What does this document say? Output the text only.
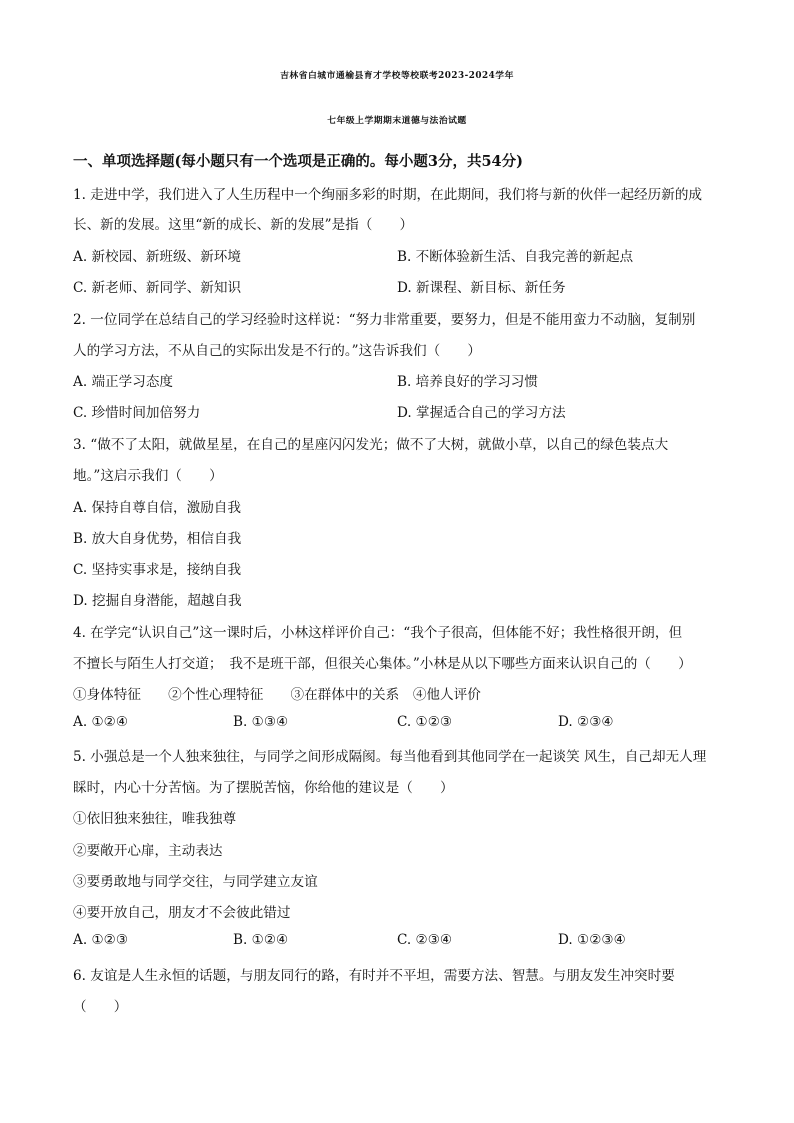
吉林省白城市通榆县育才学校等校联考2023-2024学年
七年级上学期期末道德与法治试题
一、单项选择题(每小题只有一个选项是正确的。每小题3分，共54分)
1. 走进中学，我们进入了人生历程中一个绚丽多彩的时期，在此期间，我们将与新的伙伴一起经历新的成
长、新的发展。这里“新的成长、新的发展”是指（　　）
A. 新校园、新班级、新环境	B. 不断体验新生活、自我完善的新起点
C. 新老师、新同学、新知识	D. 新课程、新目标、新任务
2. 一位同学在总结自己的学习经验时这样说：“努力非常重要，要努力，但是不能用蛮力不动脑，复制别
人的学习方法，不从自己的实际出发是不行的。”这告诉我们（　　）
A. 端正学习态度	B. 培养良好的学习习惯
C. 珍惜时间加倍努力	D. 掌握适合自己的学习方法
3. “做不了太阳，就做星星，在自己的星座闪闪发光；做不了大树，就做小草，以自己的绿色装点大
地。”这启示我们（　　）
A. 保持自尊自信，激励自我
B. 放大自身优势，相信自我
C. 坚持实事求是，接纳自我
D. 挖掘自身潜能，超越自我
4. 在学完“认识自己”这一课时后，小林这样评价自己：“我个子很高，但体能不好；我性格很开朗，但
不擅长与陌生人打交道；　我不是班干部，但很关心集体。”小林是从以下哪些方面来认识自己的（　　）
①身体特征　　②个性心理特征　　③在群体中的关系　④他人评价
A. ①②④	B. ①③④	C. ①②③	D. ②③④
5. 小强总是一个人独来独往，与同学之间形成隔阂。每当他看到其他同学在一起谈笑 风生，自己却无人理
睬时，内心十分苦恼。为了摆脱苦恼，你给他的建议是（　　）
①依旧独来独往，唯我独尊
②要敞开心扉，主动表达
③要勇敢地与同学交往，与同学建立友谊
④要开放自己，朋友才不会彼此错过
A. ①②③	B. ①②④	C. ②③④	D. ①②③④
6. 友谊是人生永恒的话题，与朋友同行的路，有时并不平坦，需要方法、智慧。与朋友发生冲突时要
（　　）
